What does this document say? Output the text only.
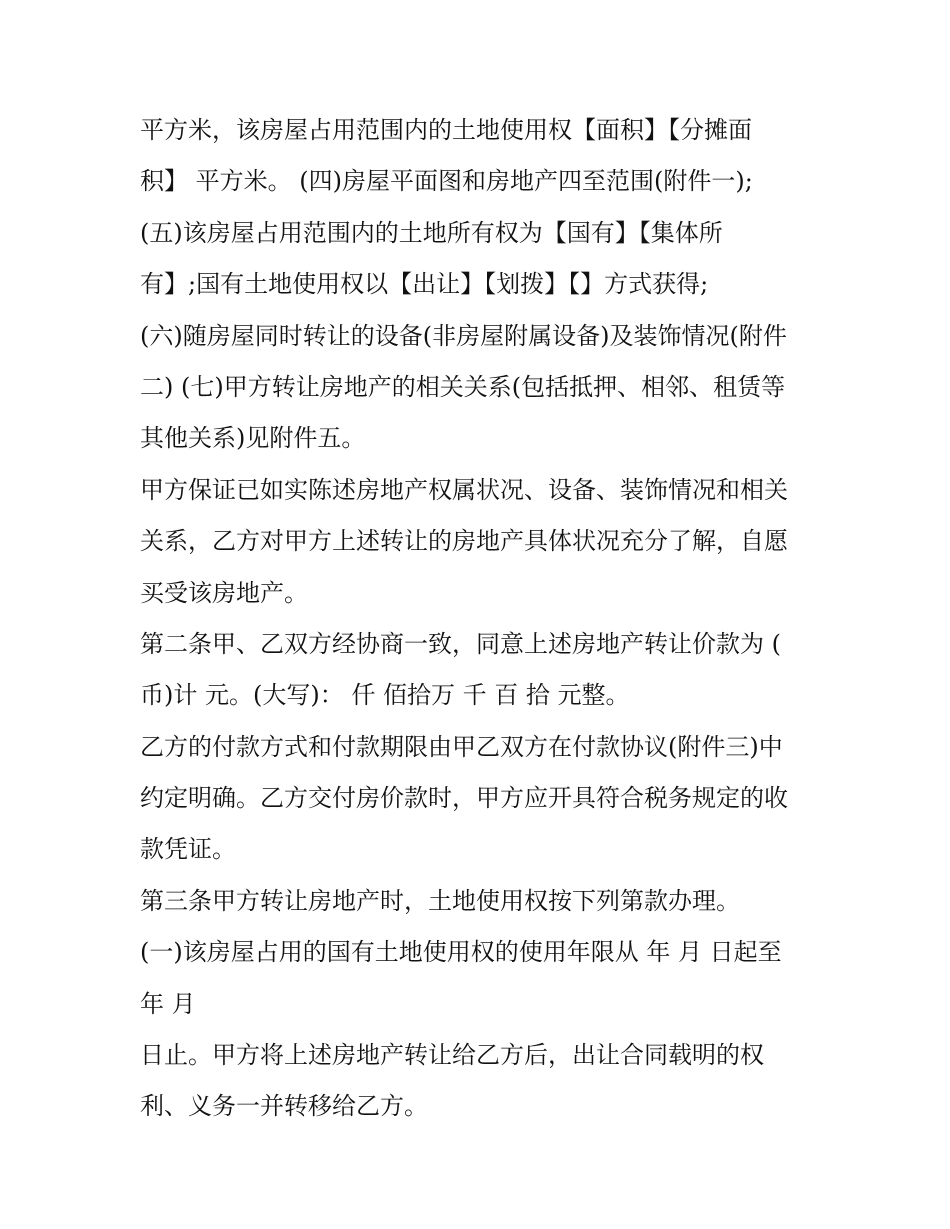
平方米，该房屋占用范围内的土地使用权【面积】【分摊面
积】 平方米。 (四)房屋平面图和房地产四至范围(附件一);
(五)该房屋占用范围内的土地所有权为【国有】【集体所
有】;国有土地使用权以【出让】【划拨】【】方式获得;
(六)随房屋同时转让的设备(非房屋附属设备)及装饰情况(附件
二) (七)甲方转让房地产的相关关系(包括抵押、相邻、租赁等
其他关系)见附件五。
甲方保证已如实陈述房地产权属状况、设备、装饰情况和相关
关系，乙方对甲方上述转让的房地产具体状况充分了解，自愿
买受该房地产。
第二条甲、乙双方经协商一致，同意上述房地产转让价款为 (
币)计 元。(大写)： 仟 佰拾万 千 百 拾 元整。
乙方的付款方式和付款期限由甲乙双方在付款协议(附件三)中
约定明确。乙方交付房价款时，甲方应开具符合税务规定的收
款凭证。
第三条甲方转让房地产时，土地使用权按下列第款办理。
(一)该房屋占用的国有土地使用权的使用年限从 年 月 日起至
年 月
日止。甲方将上述房地产转让给乙方后，出让合同载明的权
利、义务一并转移给乙方。
